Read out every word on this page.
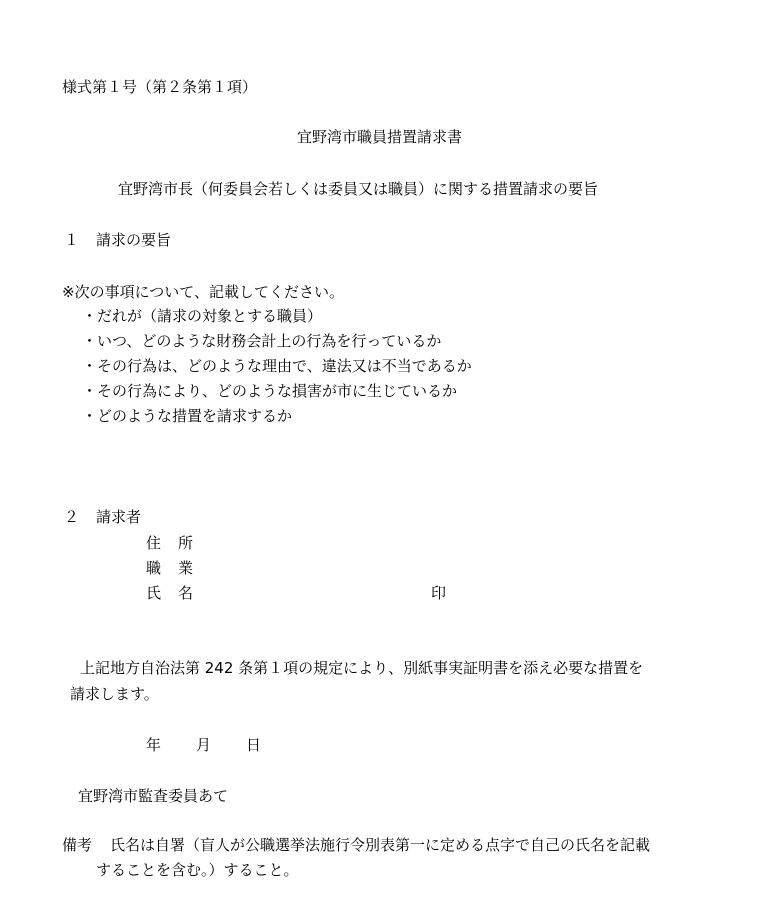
様式第１号（第２条第１項）
宜野湾市職員措置請求書
宜野湾市長（何委員会若しくは委員又は職員）に関する措置請求の要旨
１ 請求の要旨
※次の事項について、記載してください。
・だれが（請求の対象とする職員）
・いつ、どのような財務会計上の行為を行っているか
・その行為は、どのような理由で、違法又は不当であるか
・その行為により、どのような損害が市に生じているか
・どのような措置を請求するか
２ 請求者
住 所
職 業
氏 名	印
上記地方自治法第 242 条第１項の規定により、別紙事実証明書を添え必要な措置を
請求します。
年 月 日
宜野湾市監査委員あて
備考 氏名は自署（盲人が公職選挙法施行令別表第一に定める点字で自己の氏名を記載
することを含む。）すること。
